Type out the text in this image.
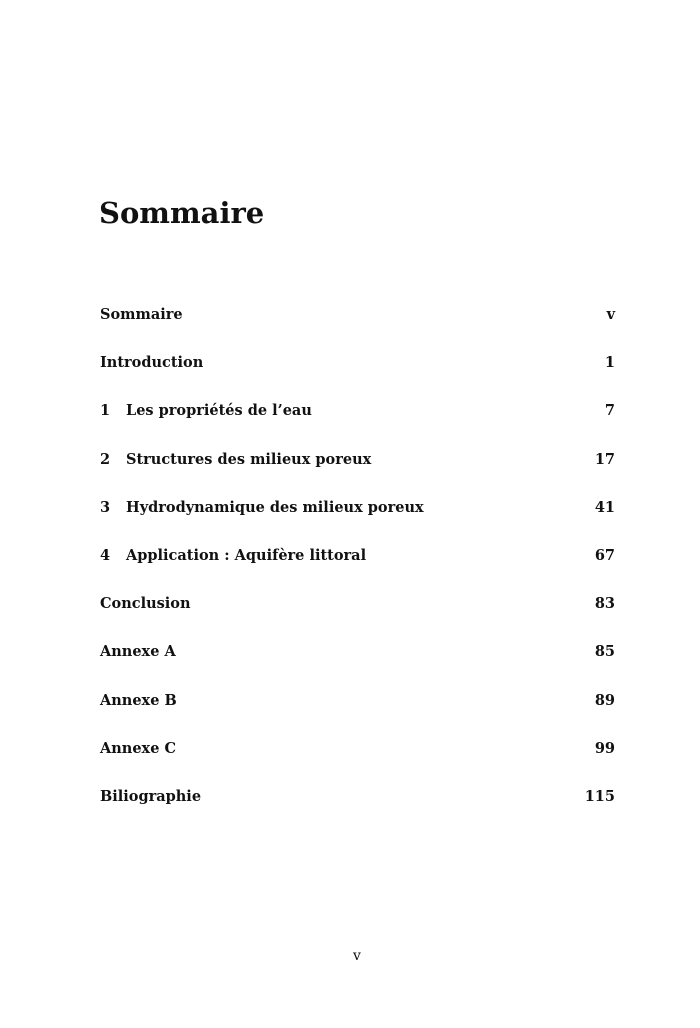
Sommaire
Sommaire	v
Introduction	1
1	Les propriétés de l’eau	7
2	Structures des milieux poreux	17
3	Hydrodynamique des milieux poreux	41
4	Application : Aquifère littoral	67
Conclusion	83
Annexe A	85
Annexe B	89
Annexe C	99
Biliographie	115
v
